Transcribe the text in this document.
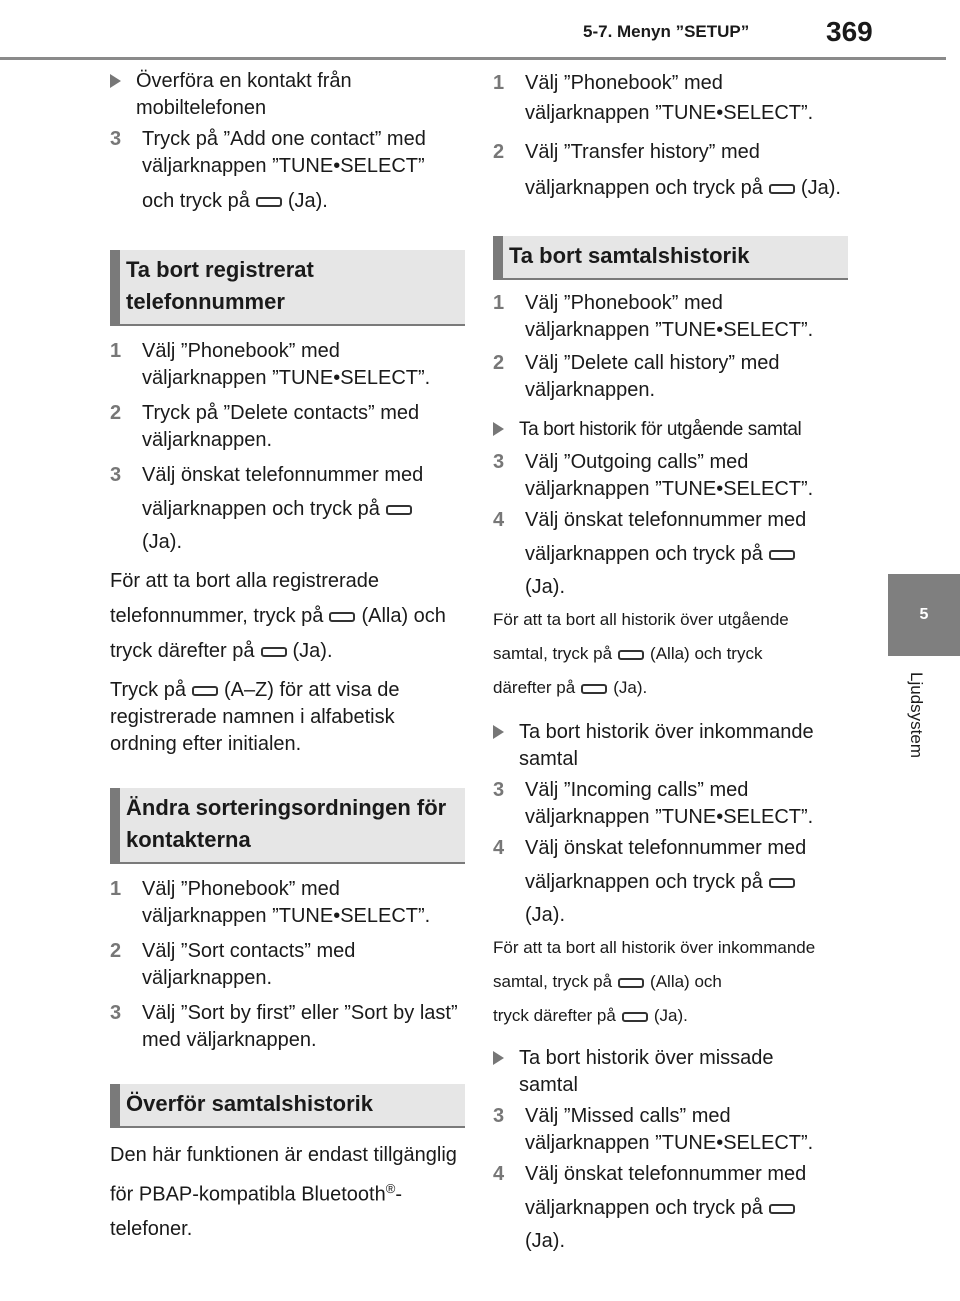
5-7. Menyn ”SETUP”	369
5
Ljudsystem
Överföra en kontakt från mobiltelefonen
3 Tryck på ”Add one contact” med väljarknappen ”TUNE•SELECT”
och tryck på (Ja).
Ta bort registrerat telefonnummer
1 Välj ”Phonebook” med väljarknappen ”TUNE•SELECT”.
2 Tryck på ”Delete contacts” med väljarknappen.
3 Välj önskat telefonnummer med
väljarknappen och tryck på
(Ja).
För att ta bort alla registrerade telefonnummer, tryck på (Alla) och tryck därefter på (Ja).
Tryck på (A–Z) för att visa de registrerade namnen i alfabetisk ordning efter initialen.
Ändra sorteringsordningen för kontakterna
1 Välj ”Phonebook” med väljarknappen ”TUNE•SELECT”.
2 Välj ”Sort contacts” med väljarknappen.
3 Välj ”Sort by first” eller ”Sort by last” med väljarknappen.
Överför samtalshistorik
Den här funktionen är endast tillgänglig för PBAP-kompatibla Bluetooth®-telefoner.
1 Välj ”Phonebook” med väljarknappen ”TUNE•SELECT”.
2 Välj ”Transfer history” med väljarknappen och tryck på (Ja).
Ta bort samtalshistorik
1 Välj ”Phonebook” med väljarknappen ”TUNE•SELECT”.
2 Välj ”Delete call history” med väljarknappen.
Ta bort historik för utgående samtal
3 Välj ”Outgoing calls” med väljarknappen ”TUNE•SELECT”.
4 Välj önskat telefonnummer med
väljarknappen och tryck på
(Ja).
För att ta bort all historik över utgående
samtal, tryck på (Alla) och tryck
därefter på (Ja).
Ta bort historik över inkommande samtal
3 Välj ”Incoming calls” med väljarknappen ”TUNE•SELECT”.
4 Välj önskat telefonnummer med
väljarknappen och tryck på
(Ja).
För att ta bort all historik över inkommande samtal, tryck på (Alla) och
tryck därefter på (Ja).
Ta bort historik över missade samtal
3 Välj ”Missed calls” med väljarknappen ”TUNE•SELECT”.
4 Välj önskat telefonnummer med
väljarknappen och tryck på
(Ja).
